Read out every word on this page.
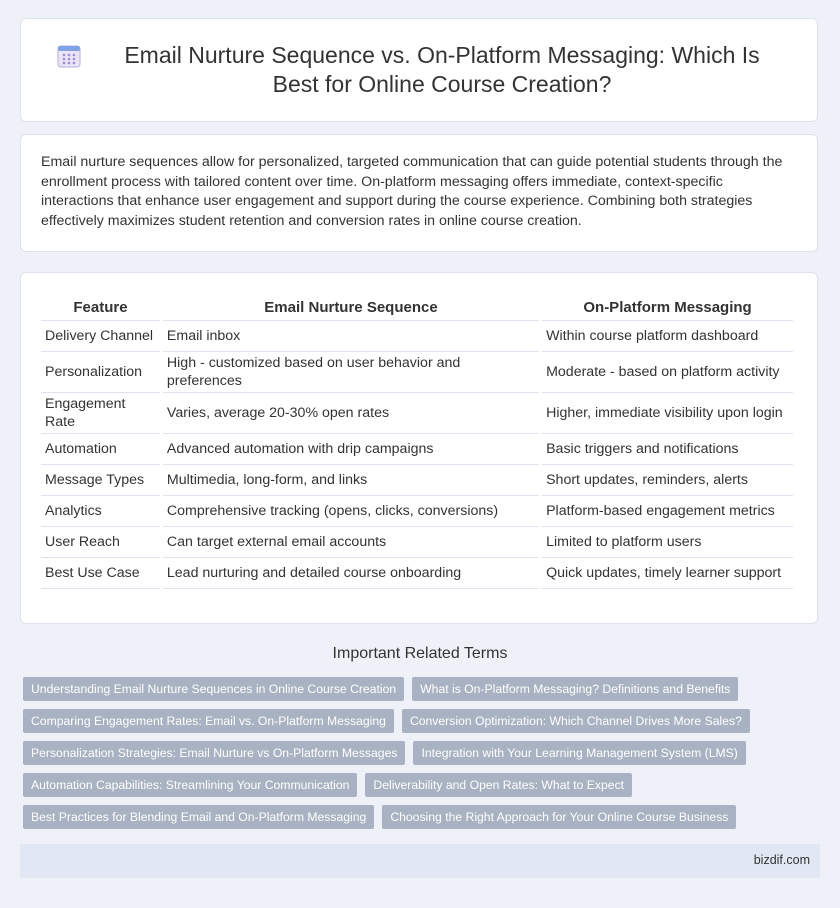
Email Nurture Sequence vs. On-Platform Messaging: Which Is Best for Online Course Creation?

Email nurture sequences allow for personalized, targeted communication that can guide potential students through the enrollment process with tailored content over time. On-platform messaging offers immediate, context-specific interactions that enhance user engagement and support during the course experience. Combining both strategies effectively maximizes student retention and conversion rates in online course creation.

Feature	Email Nurture Sequence	On-Platform Messaging
Delivery Channel	Email inbox	Within course platform dashboard
Personalization	High - customized based on user behavior and preferences	Moderate - based on platform activity
Engagement Rate	Varies, average 20-30% open rates	Higher, immediate visibility upon login
Automation	Advanced automation with drip campaigns	Basic triggers and notifications
Message Types	Multimedia, long-form, and links	Short updates, reminders, alerts
Analytics	Comprehensive tracking (opens, clicks, conversions)	Platform-based engagement metrics
User Reach	Can target external email accounts	Limited to platform users
Best Use Case	Lead nurturing and detailed course onboarding	Quick updates, timely learner support
Important Related Terms
Understanding Email Nurture Sequences in Online Course Creation	What is On-Platform Messaging? Definitions and Benefits
Comparing Engagement Rates: Email vs. On-Platform Messaging	Conversion Optimization: Which Channel Drives More Sales?
Personalization Strategies: Email Nurture vs On-Platform Messages	Integration with Your Learning Management System (LMS)
Automation Capabilities: Streamlining Your Communication	Deliverability and Open Rates: What to Expect
Best Practices for Blending Email and On-Platform Messaging	Choosing the Right Approach for Your Online Course Business
bizdif.com
